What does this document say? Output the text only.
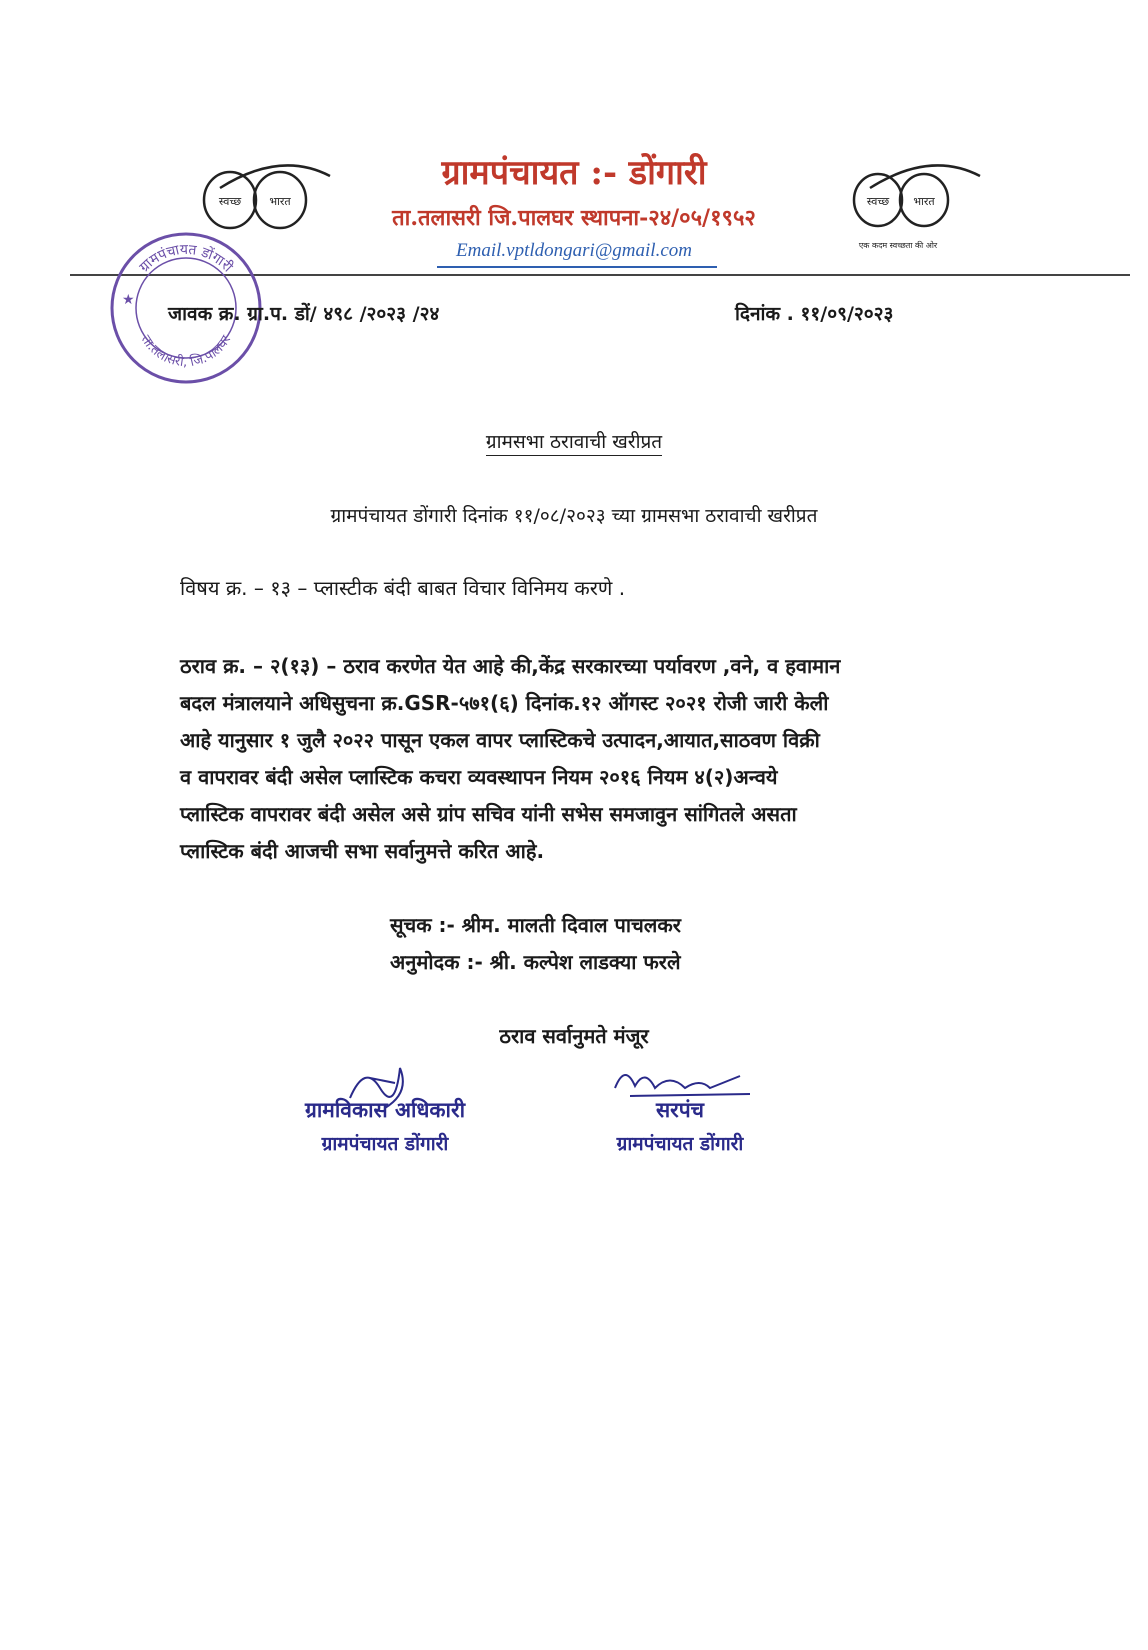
स्वच्छ	भारत	स्वच्छ भारत
एक कदम स्वच्छता की ओर
ग्रामपंचायत :- डोंगारी
ता.तलासरी जि.पालघर स्थापना-२४/०५/१९५२
Email.vptldongari@gmail.com
ग्रामपंचायत डोंगारी
ता.तलासरी, जि.पालघर
★
जावक क्र. ग्रा.प. डों/ ४९८ /२०२३ /२४	दिनांक . ११/०९/२०२३
ग्रामसभा ठरावाची खरीप्रत
ग्रामपंचायत डोंगारी दिनांक ११/०८/२०२३ च्या ग्रामसभा ठरावाची खरीप्रत
विषय क्र. – १३ – प्लास्टीक बंदी बाबत विचार विनिमय करणे .

ठराव क्र. – २(१३) – ठराव करणेत येत आहे की,केंद्र सरकारच्या पर्यावरण ,वने, व हवामान

बदल मंत्रालयाने अधिसुचना क्र.GSR-५७१(६) दिनांक.१२ ऑगस्ट २०२१ रोजी जारी केली

आहे यानुसार १ जुलै २०२२ पासून एकल वापर प्लास्टिकचे उत्पादन,आयात,साठवण विक्री

व वापरावर बंदी असेल प्लास्टिक कचरा व्यवस्थापन नियम २०१६ नियम ४(२)अन्वये

प्लास्टिक वापरावर बंदी असेल असे ग्रांप सचिव यांनी सभेस समजावुन सांगितले असता

प्लास्टिक बंदी आजची सभा सर्वानुमत्ते करित आहे.

सूचक :- श्रीम. मालती दिवाल पाचलकर
अनुमोदक :- श्री. कल्पेश लाडक्या फरले
ठराव सर्वानुमते मंजूर
ग्रामविकास अधिकारी
ग्रामपंचायत डोंगारी
सरपंच
ग्रामपंचायत डोंगारी
